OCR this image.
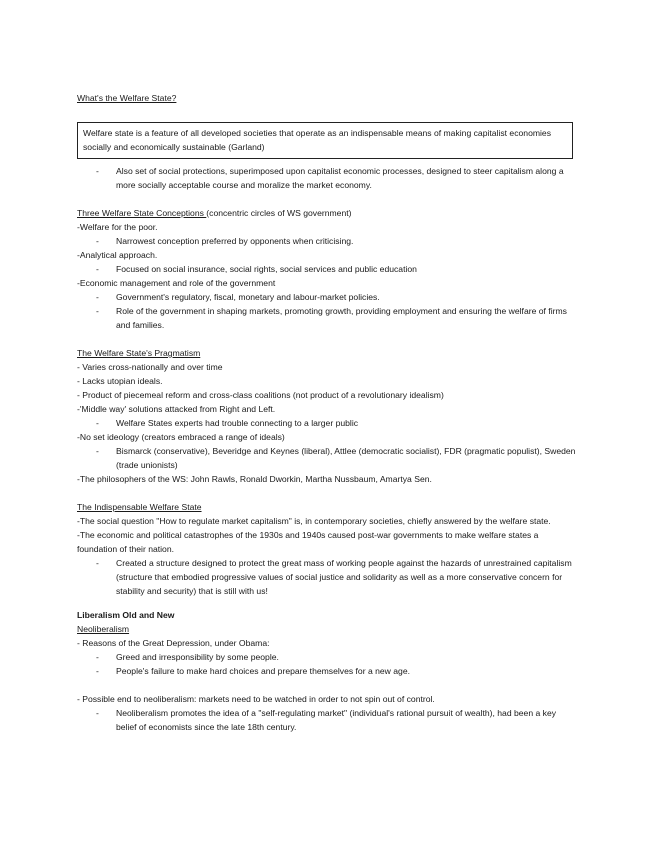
What's the Welfare State?
Welfare state is a feature of all developed societies that operate as an indispensable means of making capitalist economies socially and economically sustainable (Garland)
- Also set of social protections, superimposed upon capitalist economic processes, designed to steer capitalism along a more socially acceptable course and moralize the market economy.
Three Welfare State Conceptions (concentric circles of WS government)
-Welfare for the poor.
- Narrowest conception preferred by opponents when criticising.
-Analytical approach.
- Focused on social insurance, social rights, social services and public education
-Economic management and role of the government
- Government's regulatory, fiscal, monetary and labour-market policies.
- Role of the government in shaping markets, promoting growth, providing employment and ensuring the welfare of firms and families.
The Welfare State's Pragmatism
- Varies cross-nationally and over time
- Lacks utopian ideals.
- Product of piecemeal reform and cross-class coalitions (not product of a revolutionary idealism)
-'Middle way' solutions attacked from Right and Left.
- Welfare States experts had trouble connecting to a larger public
-No set ideology (creators embraced a range of ideals)
- Bismarck (conservative), Beveridge and Keynes (liberal), Attlee (democratic socialist), FDR (pragmatic populist), Sweden (trade unionists)
-The philosophers of the WS: John Rawls, Ronald Dworkin, Martha Nussbaum, Amartya Sen.
The Indispensable Welfare State
-The social question "How to regulate market capitalism" is, in contemporary societies, chiefly answered by the welfare state.
-The economic and political catastrophes of the 1930s and 1940s caused post-war governments to make welfare states a foundation of their nation.
- Created a structure designed to protect the great mass of working people against the hazards of unrestrained capitalism (structure that embodied progressive values of social justice and solidarity as well as a more conservative concern for stability and security) that is still with us!
Liberalism Old and New
Neoliberalism
- Reasons of the Great Depression, under Obama:
- Greed and irresponsibility by some people.
- People's failure to make hard choices and prepare themselves for a new age.
- Possible end to neoliberalism: markets need to be watched in order to not spin out of control.
- Neoliberalism promotes the idea of a "self-regulating market" (individual's rational pursuit of wealth), had been a key belief of economists since the late 18th century.
